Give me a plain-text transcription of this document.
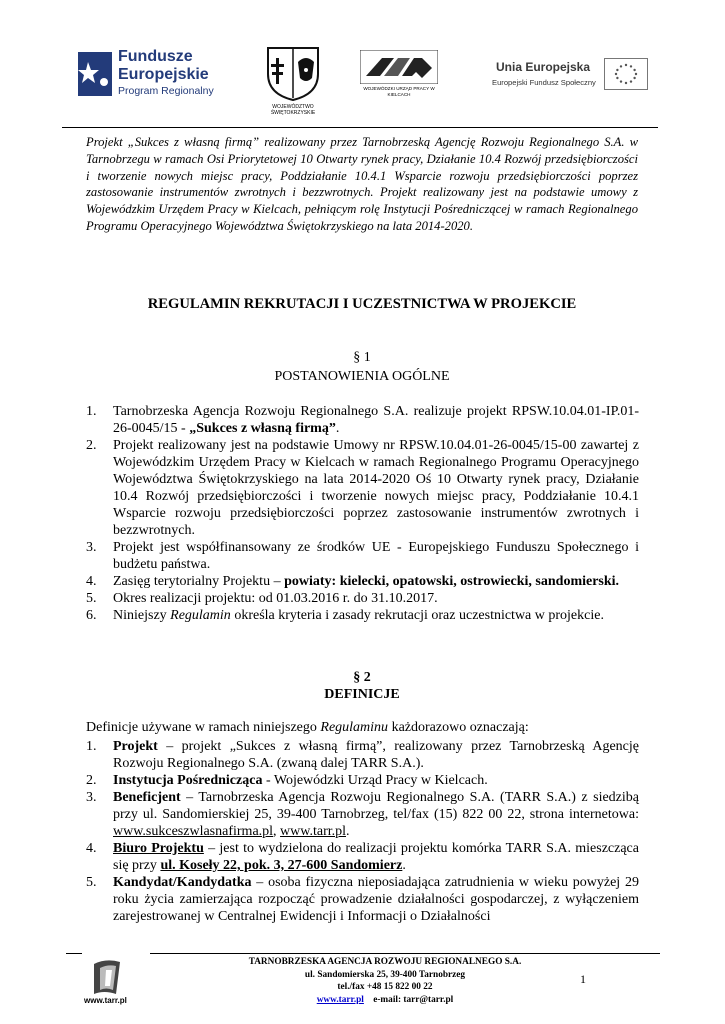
Fundusze
Europejskie
Program Regionalny
WOJEWÓDZTWO ŚWIĘTOKRZYSKIE
WOJEWÓDZKI URZĄD PRACY W KIELCACH
Unia Europejska
Europejski Fundusz Społeczny

Projekt „Sukces z własną firmą” realizowany przez Tarnobrzeską Agencję Rozwoju Regionalnego S.A. w Tarnobrzegu w ramach Osi Priorytetowej 10 Otwarty rynek pracy, Działanie 10.4 Rozwój przedsiębiorczości i tworzenie nowych miejsc pracy, Poddziałanie 10.4.1 Wsparcie rozwoju przedsiębiorczości poprzez zastosowanie instrumentów zwrotnych i bezzwrotnych. Projekt realizowany jest na podstawie umowy z Wojewódzkim Urzędem Pracy w Kielcach, pełniącym rolę Instytucji Pośredniczącej w ramach Regionalnego Programu Operacyjnego Województwa Świętokrzyskiego na lata 2014-2020.

REGULAMIN REKRUTACJI I UCZESTNICTWA W PROJEKCIE
§ 1
POSTANOWIENIA OGÓLNE
1. Tarnobrzeska Agencja Rozwoju Regionalnego S.A. realizuje projekt RPSW.10.04.01-IP.01-26-0045/15 - „Sukces z własną firmą”.
2. Projekt realizowany jest na podstawie Umowy nr RPSW.10.04.01-26-0045/15-00 zawartej z Wojewódzkim Urzędem Pracy w Kielcach w ramach Regionalnego Programu Operacyjnego Województwa Świętokrzyskiego na lata 2014-2020 Oś 10 Otwarty rynek pracy, Działanie 10.4 Rozwój przedsiębiorczości i tworzenie nowych miejsc pracy, Poddziałanie 10.4.1 Wsparcie rozwoju przedsiębiorczości poprzez zastosowanie instrumentów zwrotnych i bezzwrotnych.
3. Projekt jest współfinansowany ze środków UE - Europejskiego Funduszu Społecznego i budżetu państwa.
4. Zasięg terytorialny Projektu – powiaty: kielecki, opatowski, ostrowiecki, sandomierski.
5. Okres realizacji projektu: od 01.03.2016 r. do 31.10.2017.
6. Niniejszy Regulamin określa kryteria i zasady rekrutacji oraz uczestnictwa w projekcie.
§ 2
DEFINICJE
Definicje używane w ramach niniejszego Regulaminu każdorazowo oznaczają:
1. Projekt – projekt „Sukces z własną firmą”, realizowany przez Tarnobrzeską Agencję Rozwoju Regionalnego S.A. (zwaną dalej TARR S.A.).
2. Instytucja Pośrednicząca - Wojewódzki Urząd Pracy w Kielcach.
3. Beneficjent – Tarnobrzeska Agencja Rozwoju Regionalnego S.A. (TARR S.A.) z siedzibą przy ul. Sandomierskiej 25, 39-400 Tarnobrzeg, tel/fax (15) 822 00 22, strona internetowa: www.sukceszwlasnafirma.pl, www.tarr.pl.
4. Biuro Projektu – jest to wydzielona do realizacji projektu komórka TARR S.A. mieszcząca się przy ul. Koseły 22, pok. 3, 27-600 Sandomierz.
5. Kandydat/Kandydatka – osoba fizyczna nieposiadająca zatrudnienia w wieku powyżej 29 roku życia zamierzająca rozpocząć prowadzenie działalności gospodarczej, z wyłączeniem zarejestrowanej w Centralnej Ewidencji i Informacji o Działalności
www.tarr.pl
TARNOBRZESKA AGENCJA ROZWOJU REGIONALNEGO S.A.
ul. Sandomierska 25, 39-400 Tarnobrzeg
tel./fax +48 15 822 00 22
www.tarr.pl e-mail: tarr@tarr.pl
1
